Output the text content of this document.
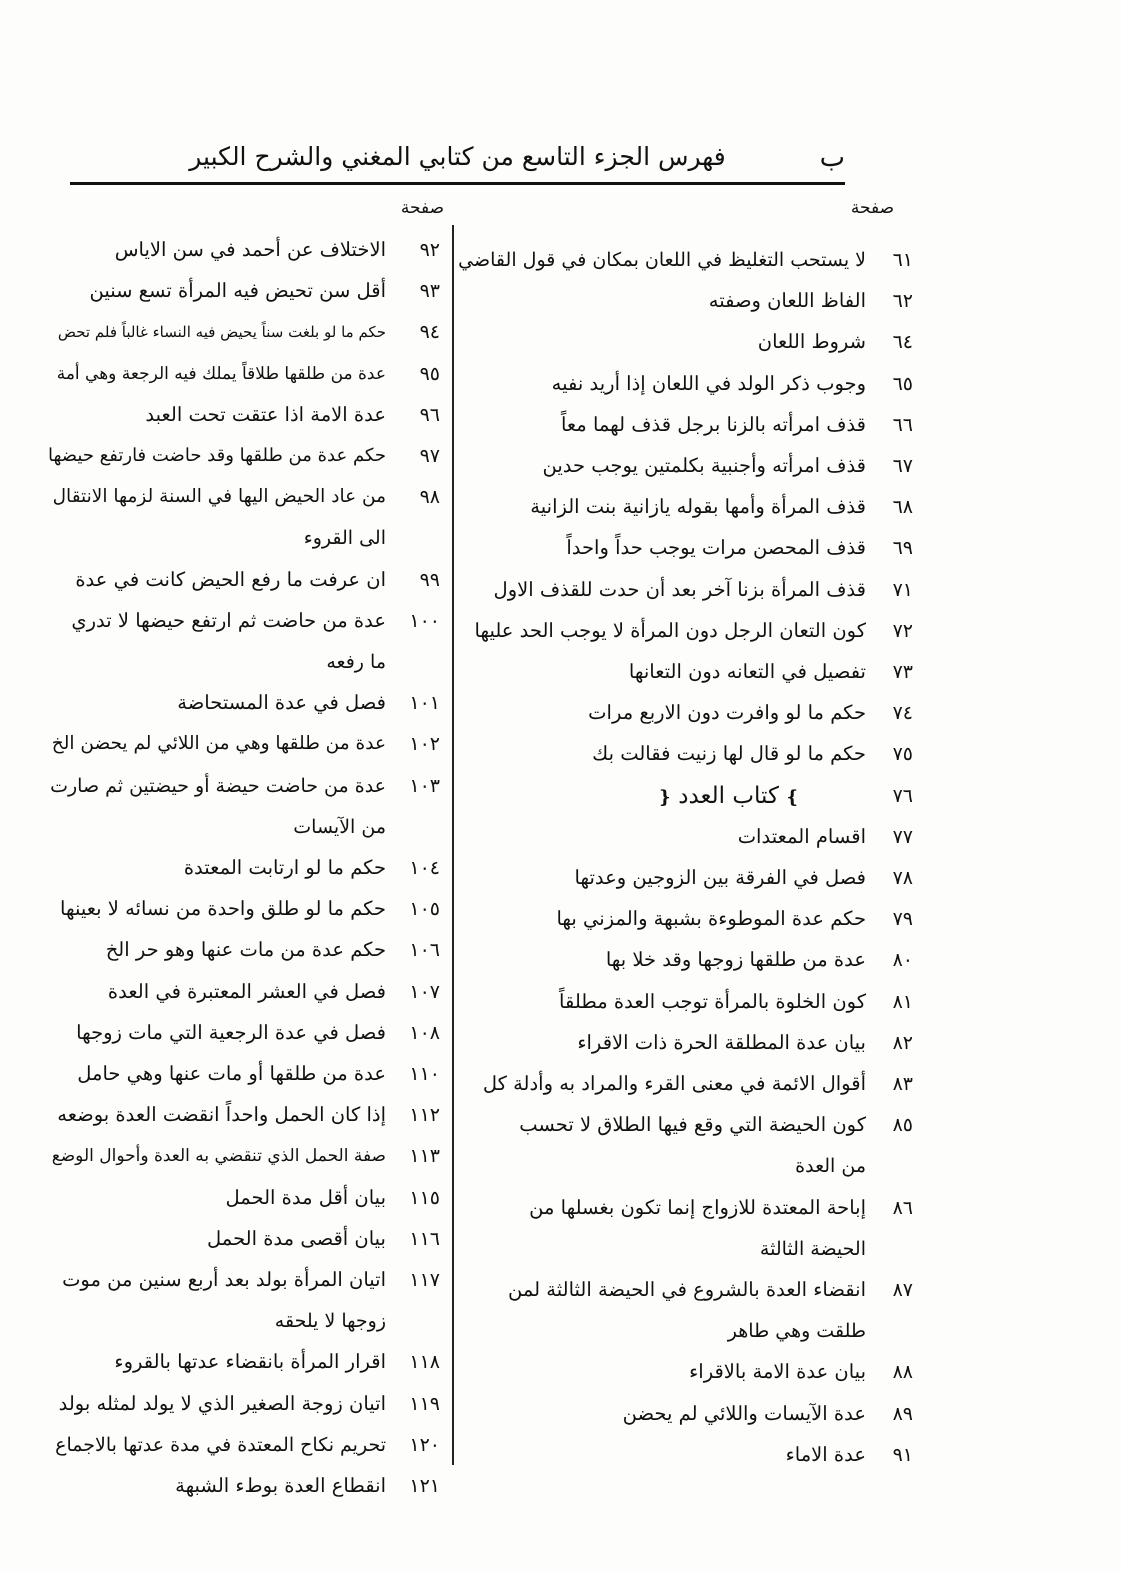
ب
فهرس الجزء التاسع من كتابي المغني والشرح الكبير
صفحة
٦١
لا يستحب التغليظ في اللعان بمكان في قول القاضي
٦٢
الفاظ اللعان وصفته
٦٤
شروط اللعان
٦٥
وجوب ذكر الولد في اللعان إذا أريد نفيه
٦٦
قذف امرأته بالزنا برجل قذف لهما معاً
٦٧
قذف امرأته وأجنبية بكلمتين يوجب حدين
٦٨
قذف المرأة وأمها بقوله يازانية بنت الزانية
٦٩
قذف المحصن مرات يوجب حداً واحداً
٧١
قذف المرأة بزنا آخر بعد أن حدت للقذف الاول
٧٢
كون التعان الرجل دون المرأة لا يوجب الحد عليها
٧٣
تفصيل في التعانه دون التعانها
٧٤
حكم ما لو وافرت دون الاربع مرات
٧٥
حكم ما لو قال لها زنيت فقالت بك
٧٦
❵كتاب العدد❴
٧٧
اقسام المعتدات
٧٨
فصل في الفرقة بين الزوجين وعدتها
٧٩
حكم عدة الموطوءة بشبهة والمزني بها
٨٠
عدة من طلقها زوجها وقد خلا بها
٨١
كون الخلوة بالمرأة توجب العدة مطلقاً
٨٢
بيان عدة المطلقة الحرة ذات الاقراء
٨٣
أقوال الائمة في معنى القرء والمراد به وأدلة كل
٨٥
كون الحيضة التي وقع فيها الطلاق لا تحسب
من العدة
٨٦
إباحة المعتدة للازواج إنما تكون بغسلها من
الحيضة الثالثة
٨٧
انقضاء العدة بالشروع في الحيضة الثالثة لمن
طلقت وهي طاهر
٨٨
بيان عدة الامة بالاقراء
٨٩
عدة الآيسات واللائي لم يحضن
٩١
عدة الاماء
صفحة
٩٢
الاختلاف عن أحمد في سن الاياس
٩٣
أقل سن تحيض فيه المرأة تسع سنين
٩٤
حكم ما لو بلغت سناً يحيض فيه النساء غالباً فلم تحض
٩٥
عدة من طلقها طلاقاً يملك فيه الرجعة وهي أمة
٩٦
عدة الامة اذا عتقت تحت العبد
٩٧
حكم عدة من طلقها وقد حاضت فارتفع حيضها
٩٨
من عاد الحيض اليها في السنة لزمها الانتقال
الى القروء
٩٩
ان عرفت ما رفع الحيض كانت في عدة
١٠٠
عدة من حاضت ثم ارتفع حيضها لا تدري
ما رفعه
١٠١
فصل في عدة المستحاضة
١٠٢
عدة من طلقها وهي من اللائي لم يحضن الخ
١٠٣
عدة من حاضت حيضة أو حيضتين ثم صارت
من الآيسات
١٠٤
حكم ما لو ارتابت المعتدة
١٠٥
حكم ما لو طلق واحدة من نسائه لا بعينها
١٠٦
حكم عدة من مات عنها وهو حر الخ
١٠٧
فصل في العشر المعتبرة في العدة
١٠٨
فصل في عدة الرجعية التي مات زوجها
١١٠
عدة من طلقها أو مات عنها وهي حامل
١١٢
إذا كان الحمل واحداً انقضت العدة بوضعه
١١٣
صفة الحمل الذي تنقضي به العدة وأحوال الوضع
١١٥
بيان أقل مدة الحمل
١١٦
بيان أقصى مدة الحمل
١١٧
اتيان المرأة بولد بعد أربع سنين من موت
زوجها لا يلحقه
١١٨
اقرار المرأة بانقضاء عدتها بالقروء
١١٩
اتيان زوجة الصغير الذي لا يولد لمثله بولد
١٢٠
تحريم نكاح المعتدة في مدة عدتها بالاجماع
١٢١
انقطاع العدة بوطء الشبهة
